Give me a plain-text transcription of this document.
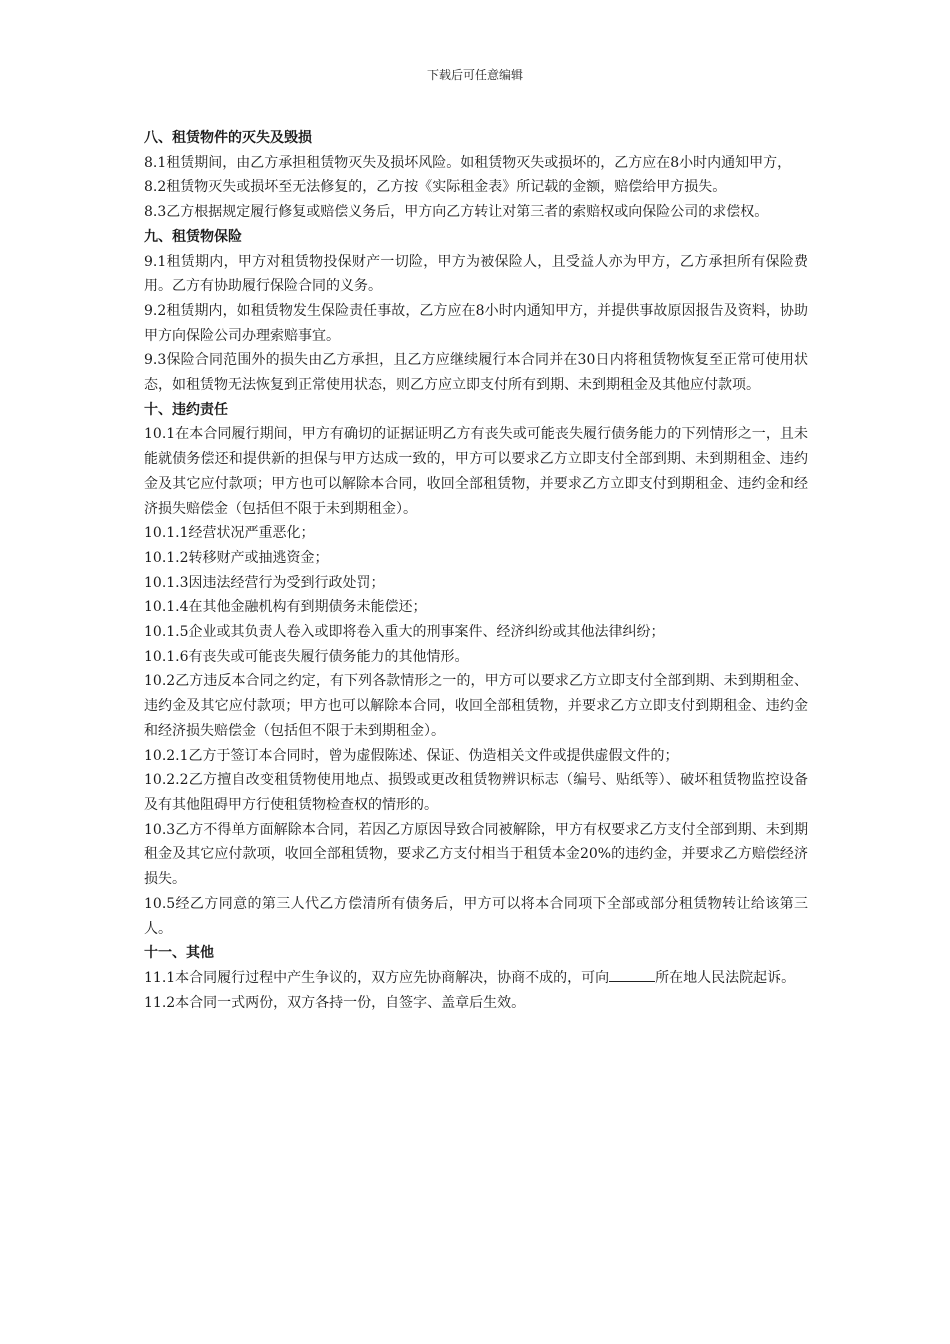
下载后可任意编辑
八、租赁物件的灭失及毁损

8.1租赁期间，由乙方承担租赁物灭失及损坏风险。如租赁物灭失或损坏的，乙方应在8小时内通知甲方，

8.2租赁物灭失或损坏至无法修复的，乙方按《实际租金表》所记载的金额，赔偿给甲方损失。

8.3乙方根据规定履行修复或赔偿义务后，甲方向乙方转让对第三者的索赔权或向保险公司的求偿权。

九、租赁物保险

9.1租赁期内，甲方对租赁物投保财产一切险，甲方为被保险人，且受益人亦为甲方，乙方承担所有保险费用。乙方有协助履行保险合同的义务。

9.2租赁期内，如租赁物发生保险责任事故，乙方应在8小时内通知甲方，并提供事故原因报告及资料，协助甲方向保险公司办理索赔事宜。

9.3保险合同范围外的损失由乙方承担，且乙方应继续履行本合同并在30日内将租赁物恢复至正常可使用状态，如租赁物无法恢复到正常使用状态，则乙方应立即支付所有到期、未到期租金及其他应付款项。

十、违约责任

10.1在本合同履行期间，甲方有确切的证据证明乙方有丧失或可能丧失履行债务能力的下列情形之一，且未能就债务偿还和提供新的担保与甲方达成一致的，甲方可以要求乙方立即支付全部到期、未到期租金、违约金及其它应付款项；甲方也可以解除本合同，收回全部租赁物，并要求乙方立即支付到期租金、违约金和经济损失赔偿金（包括但不限于未到期租金）。

10.1.1经营状况严重恶化；

10.1.2转移财产或抽逃资金；

10.1.3因违法经营行为受到行政处罚；

10.1.4在其他金融机构有到期债务未能偿还；

10.1.5企业或其负责人卷入或即将卷入重大的刑事案件、经济纠纷或其他法律纠纷；

10.1.6有丧失或可能丧失履行债务能力的其他情形。

10.2乙方违反本合同之约定，有下列各款情形之一的，甲方可以要求乙方立即支付全部到期、未到期租金、违约金及其它应付款项；甲方也可以解除本合同，收回全部租赁物，并要求乙方立即支付到期租金、违约金和经济损失赔偿金（包括但不限于未到期租金）。

10.2.1乙方于签订本合同时，曾为虚假陈述、保证、伪造相关文件或提供虚假文件的；

10.2.2乙方擅自改变租赁物使用地点、损毁或更改租赁物辨识标志（编号、贴纸等）、破坏租赁物监控设备及有其他阻碍甲方行使租赁物检查权的情形的。

10.3乙方不得单方面解除本合同，若因乙方原因导致合同被解除，甲方有权要求乙方支付全部到期、未到期租金及其它应付款项，收回全部租赁物，要求乙方支付相当于租赁本金20%的违约金，并要求乙方赔偿经济损失。

10.5经乙方同意的第三人代乙方偿清所有债务后，甲方可以将本合同项下全部或部分租赁物转让给该第三人。

十一、其他

11.1本合同履行过程中产生争议的，双方应先协商解决，协商不成的，可向	所在地人民法院起诉。

11.2本合同一式两份，双方各持一份，自签字、盖章后生效。
